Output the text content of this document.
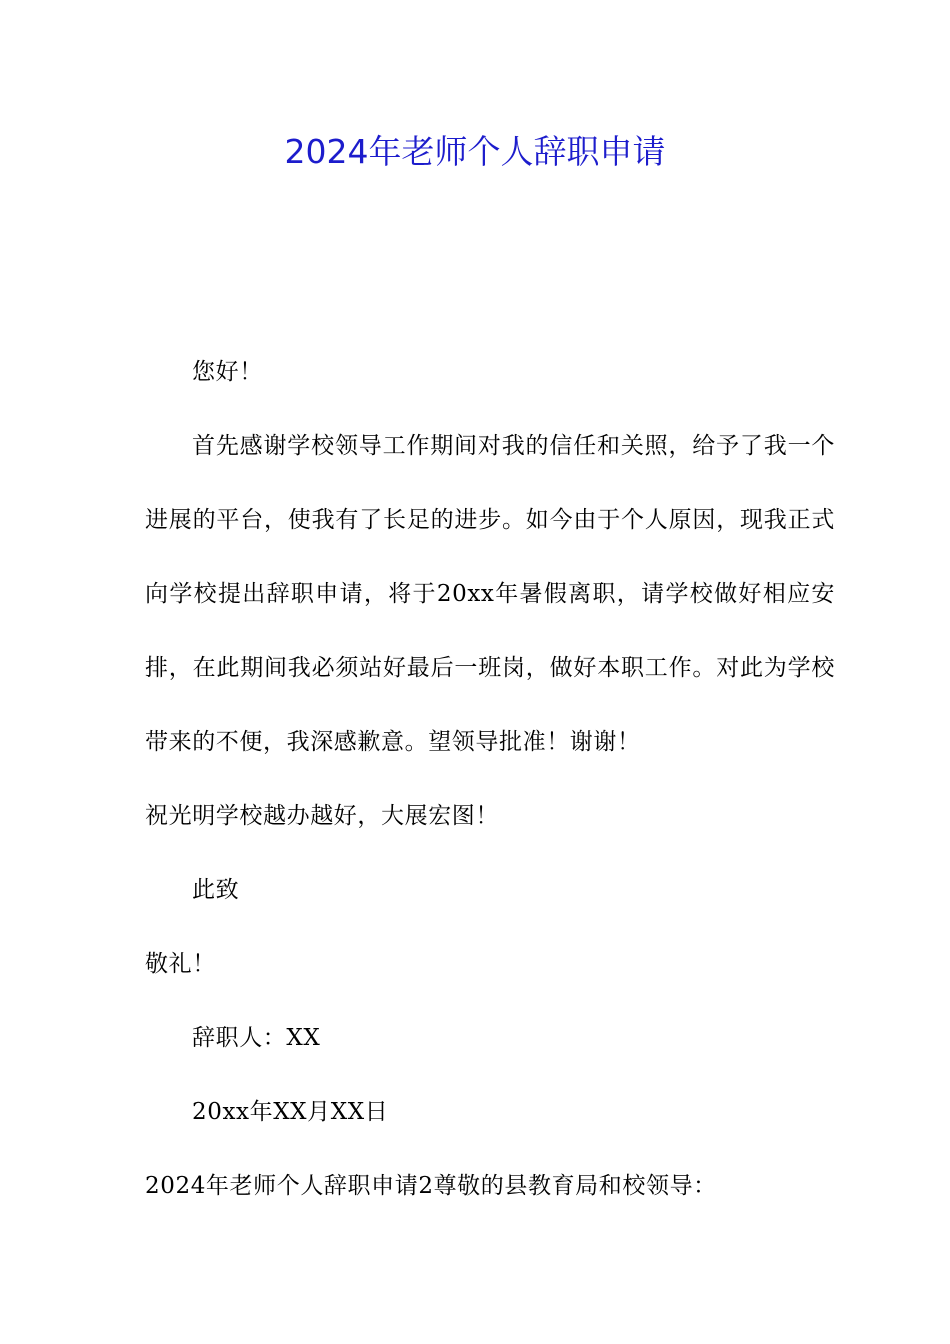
2024年老师个人辞职申请

您好！

首先感谢学校领导工作期间对我的信任和关照，给予了我一个进展的平台，使我有了长足的进步。如今由于个人原因，现我正式向学校提出辞职申请，将于20xx年暑假离职，请学校做好相应安排，在此期间我必须站好最后一班岗，做好本职工作。对此为学校带来的不便，我深感歉意。望领导批准！谢谢！

祝光明学校越办越好，大展宏图！

此致

敬礼！

辞职人：XX

20xx年XX月XX日

2024年老师个人辞职申请2尊敬的县教育局和校领导：
